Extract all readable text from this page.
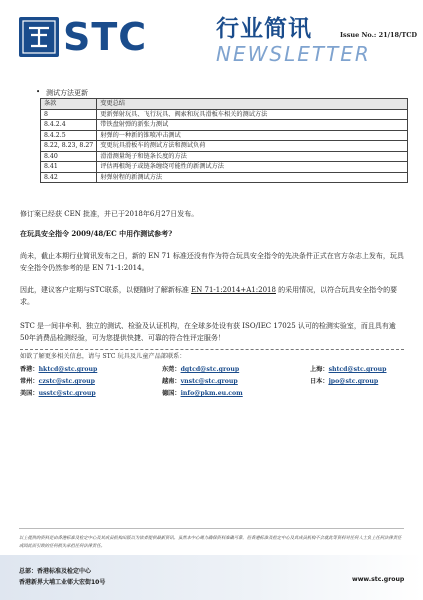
STC	行业简讯
NEWSLETTER
Issue No.: 21/18/TCD
• 测试方法更新
条款	变更总结
8	更新弹射玩具、飞行玩具、阀索和玩具滑板车相关的测试方法
8.4.2.4	带铁盘射弹的新张力测试
8.4.2.5	射弹的一种新的锥喷冲击测试
8.22, 8.23, 8.27	变更玩具滑板车的测试方法和测试负荷
8.40	滑滑测量绳子和链条长度的方法
8.41	评估再根绳子或链条缠绕可能性的新测试方法
8.42	射弹射程的新测试方法
修订案已经获 CEN 批准，并已于2018年6月27日发布。
在玩具安全指令 2009/48/EC 中用作测试参考?
尚未，截止本期行业简讯发布之日，新的 EN 71 标准还没有作为符合玩具安全指令的先决条件正式在官方杂志上发布，玩具安全指令仍然参考的是 EN 71-1:2014。
因此，建议客户定期与STC联系，以便随时了解新标准 EN 71-1:2014+A1:2018 的采用情况，以符合玩具安全指令的要求。
STC 是一间非牟利、独立的测试、检验及认证机构，在全球多处设有获 ISO/IEC 17025 认可的检测实验室，而且具有逾50年消费品检测经验，可为您提供快捷、可靠的符合性评定服务！
如欲了解更多相关信息，请与 STC 玩具及儿童产品部联系：
香港：hktcd@stc.group	东莞：dgtcd@stc.group	上海：shtcd@stc.group
常州：czstc@stc.group	越南：vnstc@stc.group	日本：jpo@stc.group
美国：usstc@stc.group	德国：info@pkm.eu.com
以上提供的资料是由香港标准及检定中心及其成员机构出版以为读者提供最新资讯。虽然本中心竭力确保资料准确可靠，但香港标准及检定中心及其成员机构不会就此等资料对任何人士负上任何法律责任或因此而引致的任何损失承担任何法律责任。
总部：香港标准及检定中心
香港新界大埔工业邨大宏街10号	www.stc.group
